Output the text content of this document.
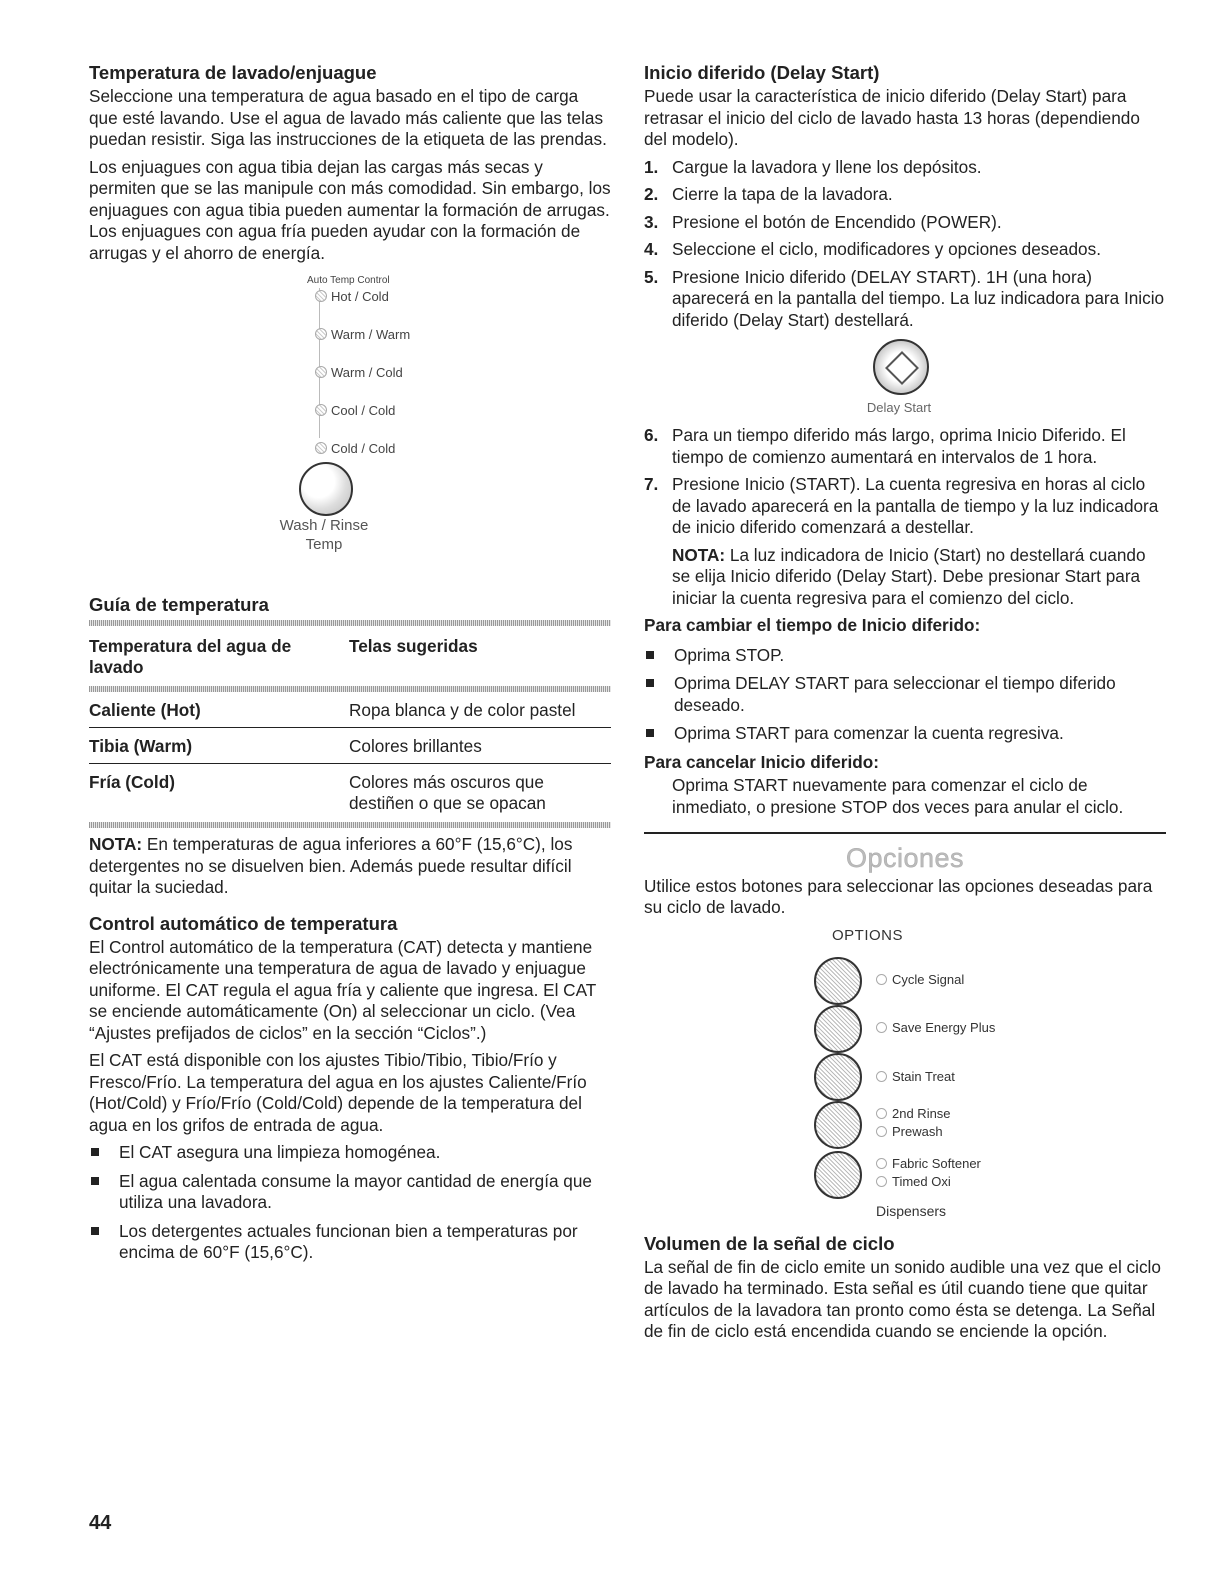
Temperatura de lavado/enjuague

Seleccione una temperatura de agua basado en el tipo de carga que esté lavando. Use el agua de lavado más caliente que las telas puedan resistir. Siga las instrucciones de la etiqueta de las prendas.

Los enjuagues con agua tibia dejan las cargas más secas y permiten que se las manipule con más comodidad. Sin embargo, los enjuagues con agua tibia pueden aumentar la formación de arrugas. Los enjuagues con agua fría pueden ayudar con la formación de arrugas y el ahorro de energía.

Auto Temp Control
Hot / Cold
Warm / Warm
Warm / Cold
Cool / Cold
Cold / Cold
Wash / Rinse
Temp
Guía de temperatura
Temperatura del agua de lavado	Telas sugeridas
Caliente (Hot)	Ropa blanca y de color pastel
Tibia (Warm)	Colores brillantes
Fría (Cold)	Colores más oscuros que destiñen o que se opacan

NOTA: En temperaturas de agua inferiores a 60°F (15,6°C), los detergentes no se disuelven bien. Además puede resultar difícil quitar la suciedad.

Control automático de temperatura

El Control automático de la temperatura (CAT) detecta y mantiene electrónicamente una temperatura de agua de lavado y enjuague uniforme. El CAT regula el agua fría y caliente que ingresa. El CAT se enciende automáticamente (On) al seleccionar un ciclo. (Vea “Ajustes prefijados de ciclos” en la sección “Ciclos”.)

El CAT está disponible con los ajustes Tibio/Tibio, Tibio/Frío y Fresco/Frío. La temperatura del agua en los ajustes Caliente/Frío (Hot/Cold) y Frío/Frío (Cold/Cold) depende de la temperatura del agua en los grifos de entrada de agua.

El CAT asegura una limpieza homogénea.
El agua calentada consume la mayor cantidad de energía que utiliza una lavadora.
Los detergentes actuales funcionan bien a temperaturas por encima de 60°F (15,6°C).
Inicio diferido (Delay Start)

Puede usar la característica de inicio diferido (Delay Start) para retrasar el inicio del ciclo de lavado hasta 13 horas (dependiendo del modelo).

1. Cargue la lavadora y llene los depósitos.
2. Cierre la tapa de la lavadora.
3. Presione el botón de Encendido (POWER).
4. Seleccione el ciclo, modificadores y opciones deseados.
5. Presione Inicio diferido (DELAY START). 1H (una hora) aparecerá en la pantalla del tiempo. La luz indicadora para Inicio diferido (Delay Start) destellará.
Delay Start
6. Para un tiempo diferido más largo, oprima Inicio Diferido. El tiempo de comienzo aumentará en intervalos de 1 hora.
7. Presione Inicio (START). La cuenta regresiva en horas al ciclo de lavado aparecerá en la pantalla de tiempo y la luz indicadora de inicio diferido comenzará a destellar.

NOTA: La luz indicadora de Inicio (Start) no destellará cuando se elija Inicio diferido (Delay Start). Debe presionar Start para iniciar la cuenta regresiva para el comienzo del ciclo.

Para cambiar el tiempo de Inicio diferido:
Oprima STOP.
Oprima DELAY START para seleccionar el tiempo diferido deseado.
Oprima START para comenzar la cuenta regresiva.
Para cancelar Inicio diferido:

Oprima START nuevamente para comenzar el ciclo de inmediato, o presione STOP dos veces para anular el ciclo.

Opciones

Utilice estos botones para seleccionar las opciones deseadas para su ciclo de lavado.

OPTIONS
Cycle Signal
Save Energy Plus
Stain Treat
2nd Rinse
Prewash
Fabric Softener
Timed Oxi
Dispensers
Volumen de la señal de ciclo

La señal de fin de ciclo emite un sonido audible una vez que el ciclo de lavado ha terminado. Esta señal es útil cuando tiene que quitar artículos de la lavadora tan pronto como ésta se detenga. La Señal de fin de ciclo está encendida cuando se enciende la opción.

44
